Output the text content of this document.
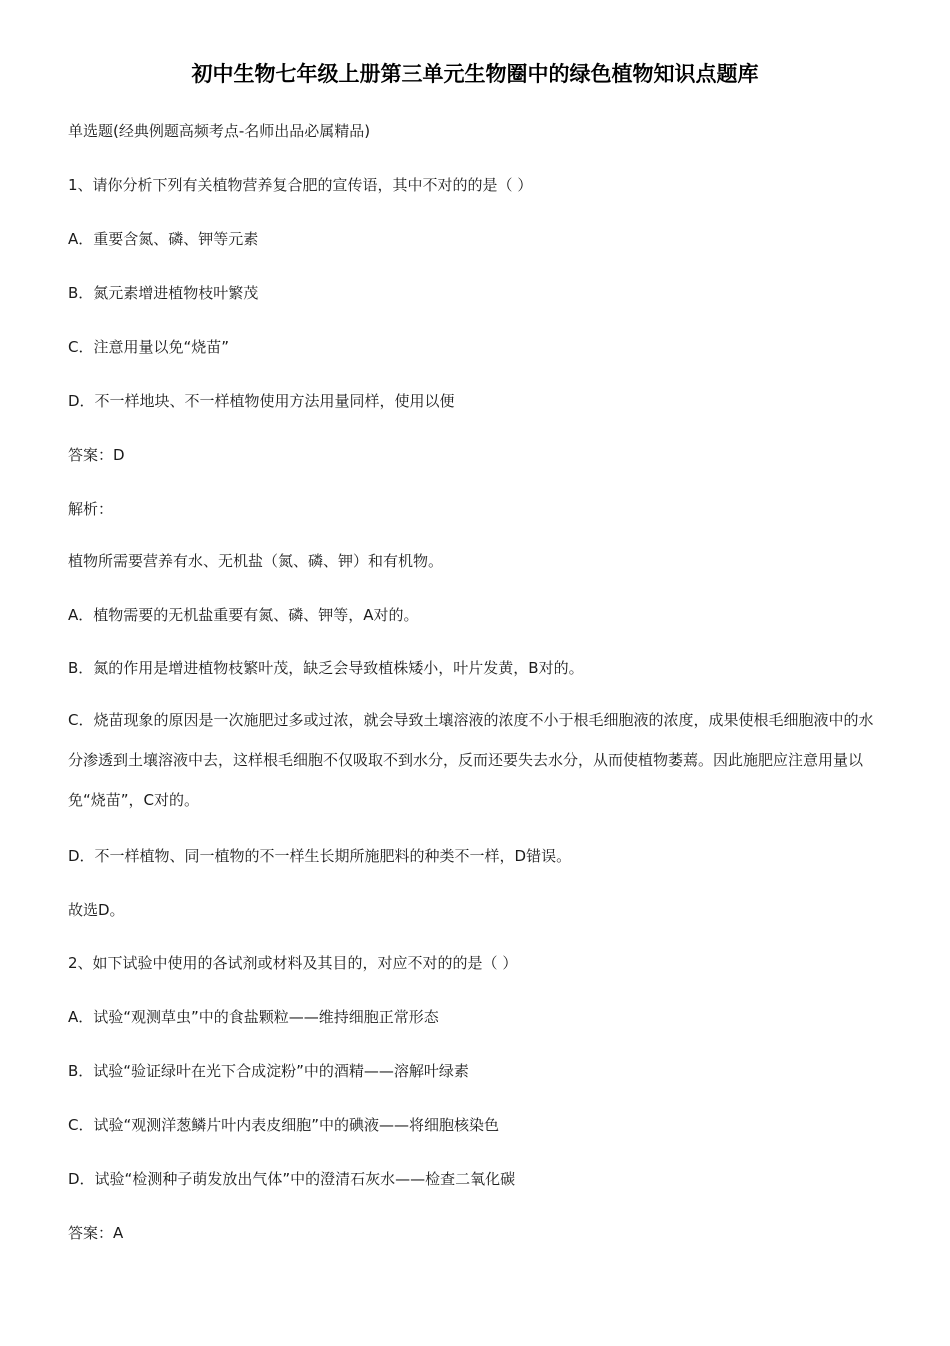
初中生物七年级上册第三单元生物圈中的绿色植物知识点题库
单选题(经典例题高频考点-名师出品必属精品)
1、请你分析下列有关植物营养复合肥的宣传语，其中不对的的是（ ）
A．重要含氮、磷、钾等元素
B．氮元素增进植物枝叶繁茂
C．注意用量以免“烧苗”
D．不一样地块、不一样植物使用方法用量同样，使用以便
答案：D
解析：
植物所需要营养有水、无机盐（氮、磷、钾）和有机物。
A．植物需要的无机盐重要有氮、磷、钾等，A对的。
B．氮的作用是增进植物枝繁叶茂，缺乏会导致植株矮小，叶片发黄，B对的。
C．烧苗现象的原因是一次施肥过多或过浓，就会导致土壤溶液的浓度不小于根毛细胞液的浓度，成果使根毛细胞液中的水分渗透到土壤溶液中去，这样根毛细胞不仅吸取不到水分，反而还要失去水分，从而使植物萎蔫。因此施肥应注意用量以免“烧苗”，C对的。
D．不一样植物、同一植物的不一样生长期所施肥料的种类不一样，D错误。
故选D。
2、如下试验中使用的各试剂或材料及其目的，对应不对的的是（ ）
A．试验“观测草虫”中的食盐颗粒——维持细胞正常形态
B．试验“验证绿叶在光下合成淀粉”中的酒精——溶解叶绿素
C．试验“观测洋葱鳞片叶内表皮细胞”中的碘液——将细胞核染色
D．试验“检测种子萌发放出气体”中的澄清石灰水——检查二氧化碳
答案：A
